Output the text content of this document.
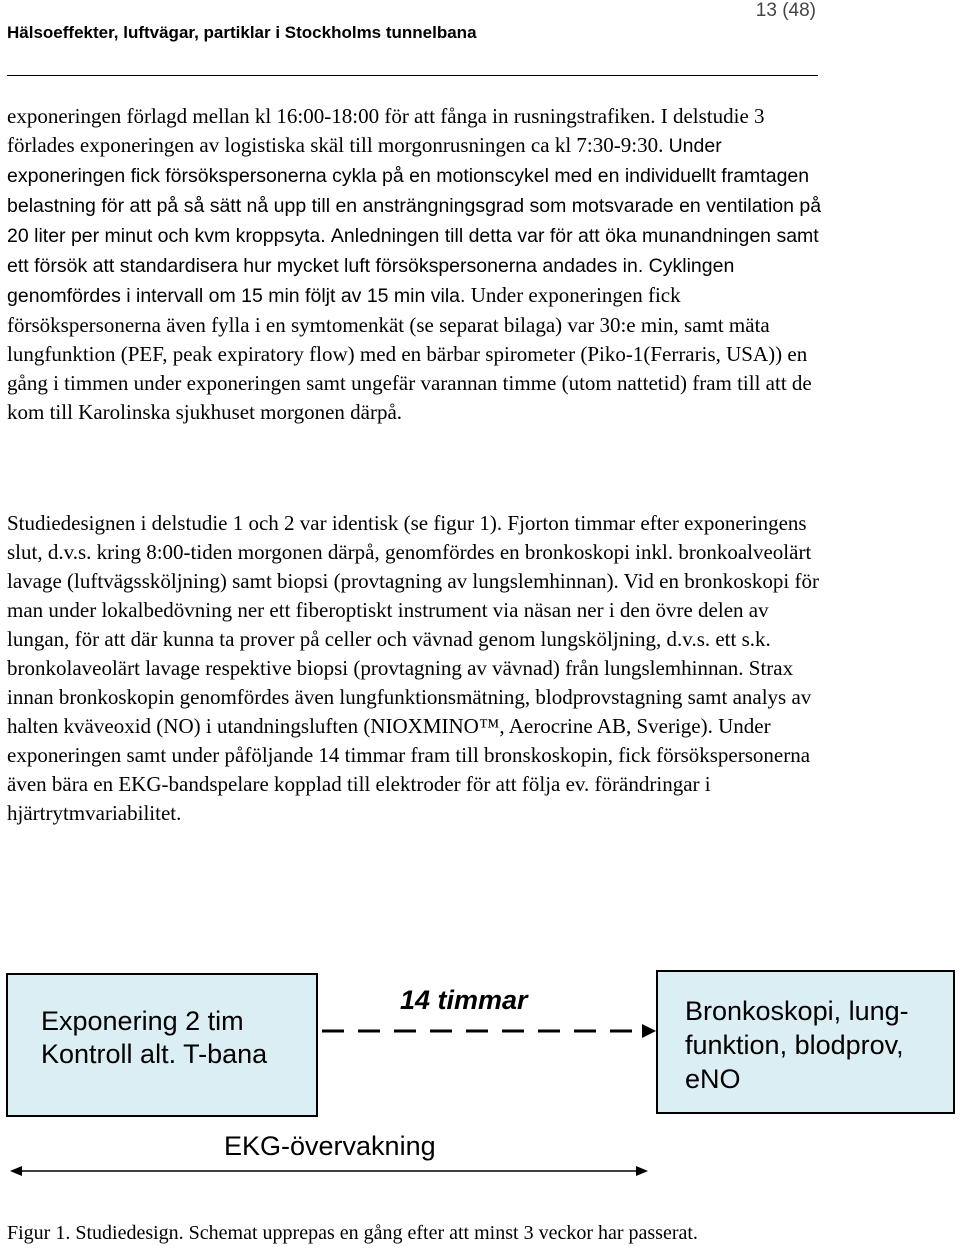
13 (48)
Hälsoeffekter, luftvägar, partiklar i Stockholms tunnelbana

exponeringen förlagd mellan kl 16:00-18:00 för att fånga in rusningstrafiken. I delstudie 3 förlades exponeringen av logistiska skäl till morgonrusningen ca kl 7:30-9:30. Under exponeringen fick försökspersonerna cykla på en motionscykel med en individuellt framtagen belastning för att på så sätt nå upp till en ansträngningsgrad som motsvarade en ventilation på 20 liter per minut och kvm kroppsyta. Anledningen till detta var för att öka munandningen samt ett försök att standardisera hur mycket luft försökspersonerna andades in. Cyklingen genomfördes i intervall om 15 min följt av 15 min vila. Under exponeringen fick försökspersonerna även fylla i en symtomenkät (se separat bilaga) var 30:e min, samt mäta lungfunktion (PEF, peak expiratory flow) med en bärbar spirometer (Piko-1(Ferraris, USA)) en gång i timmen under exponeringen samt ungefär varannan timme (utom nattetid) fram till att de kom till Karolinska sjukhuset morgonen därpå.

Studiedesignen i delstudie 1 och 2 var identisk (se figur 1). Fjorton timmar efter exponeringens slut, d.v.s. kring 8:00-tiden morgonen därpå, genomfördes en bronkoskopi inkl. bronkoalveolärt lavage (luftvägssköljning) samt biopsi (provtagning av lungslemhinnan). Vid en bronkoskopi för man under lokalbedövning ner ett fiberoptiskt instrument via näsan ner i den övre delen av lungan, för att där kunna ta prover på celler och vävnad genom lungsköljning, d.v.s. ett s.k. bronkolaveolärt lavage respektive biopsi (provtagning av vävnad) från lungslemhinnan. Strax innan bronkoskopin genomfördes även lungfunktionsmätning, blodprovstagning samt analys av halten kväveoxid (NO) i utandningsluften (NIOXMINO™, Aerocrine AB, Sverige). Under exponeringen samt under påföljande 14 timmar fram till bronskoskopin, fick försökspersonerna även bära en EKG-bandspelare kopplad till elektroder för att följa ev. förändringar i hjärtrytmvariabilitet.

Exponering 2 tim
Kontroll alt. T-bana
14 timmar	Bronkoskopi, lung-
funktion, blodprov,
eNO
EKG-övervakning
Figur 1. Studiedesign. Schemat upprepas en gång efter att minst 3 veckor har passerat.
